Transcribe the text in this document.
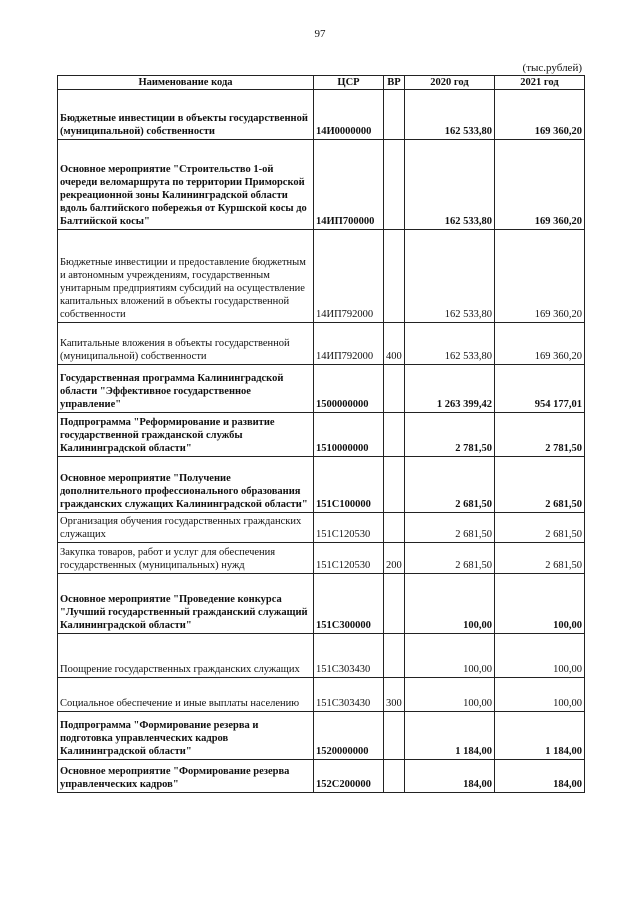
97
(тыс.рублей)
Наименование кода	ЦСР	ВР	2020 год	2021 год
Бюджетные инвестиции в объекты государственной (муниципальной) собственности	14И0000000		162 533,80	169 360,20
Основное мероприятие "Строительство 1-ой очереди веломаршрута по территории Приморской рекреационной зоны Калининградской области вдоль балтийского побережья от Куршской косы до Балтийской косы"	14ИП700000		162 533,80	169 360,20
Бюджетные инвестиции и предоставление бюджетным и автономным учреждениям, государственным унитарным предприятиям субсидий на осуществление капитальных вложений в объекты государственной собственности	14ИП792000		162 533,80	169 360,20
Капитальные вложения в объекты государственной (муниципальной) собственности	14ИП792000	400	162 533,80	169 360,20
Государственная программа Калининградской области "Эффективное государственное управление"	1500000000		1 263 399,42	954 177,01
Подпрограмма "Реформирование и развитие государственной гражданской службы Калининградской области"	1510000000		2 781,50	2 781,50
Основное мероприятие "Получение дополнительного профессионального образования гражданских служащих Калининградской области"	151С100000		2 681,50	2 681,50
Организация обучения государственных гражданских служащих	151С120530		2 681,50	2 681,50
Закупка товаров, работ и услуг для обеспечения государственных (муниципальных) нужд	151С120530	200	2 681,50	2 681,50
Основное мероприятие "Проведение конкурса "Лучший государственный гражданский служащий Калининградской области"	151С300000		100,00	100,00
Поощрение государственных гражданских служащих	151С303430		100,00	100,00
Социальное обеспечение и иные выплаты населению	151С303430	300	100,00	100,00
Подпрограмма "Формирование резерва и подготовка управленческих кадров Калининградской области"	1520000000		1 184,00	1 184,00
Основное мероприятие "Формирование резерва управленческих кадров"	152С200000		184,00	184,00
